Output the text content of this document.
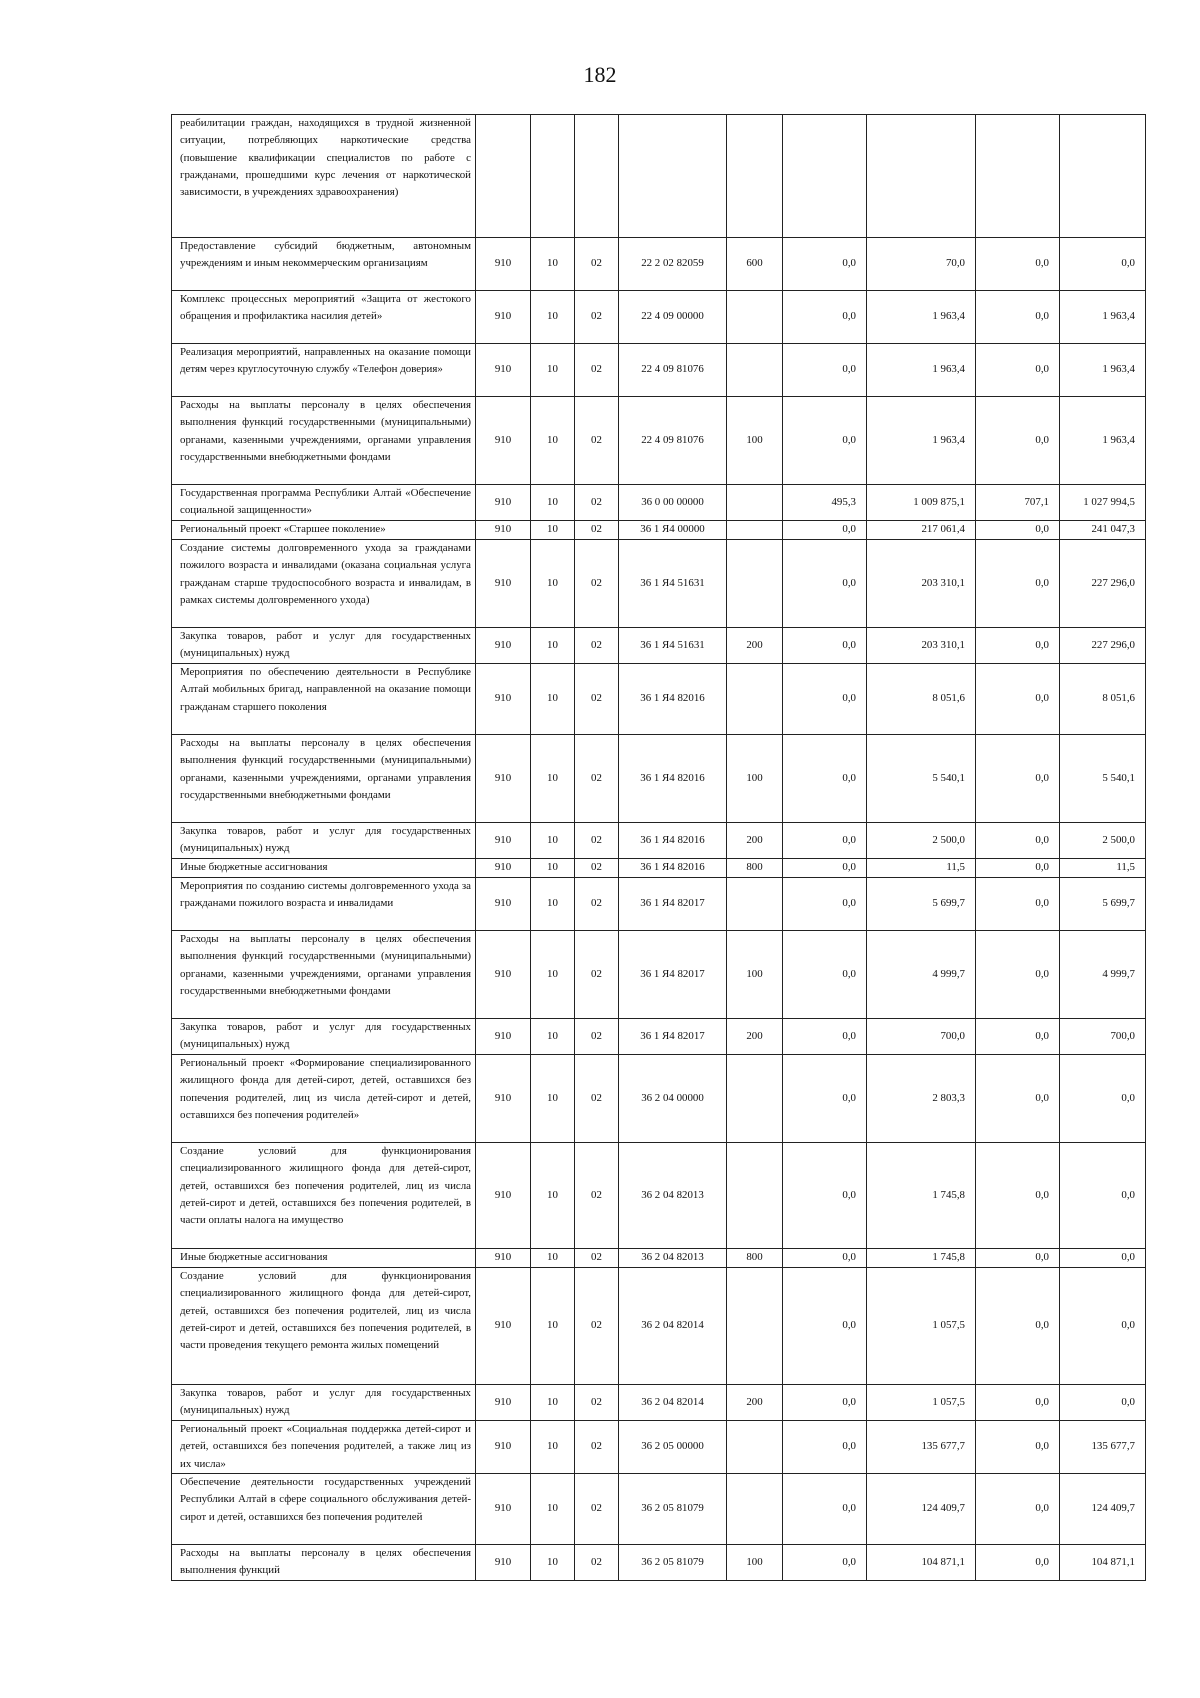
182
реабилитации граждан, находящихся в трудной жизненной ситуации, потребляющих наркотические средства (повышение квалификации специалистов по работе с гражданами, прошедшими курс лечения от наркотической зависимости, в учреждениях здравоохранения)									
Предоставление субсидий бюджетным, автономным учреждениям и иным некоммерческим организациям	910	10	02	22 2 02 82059	600	0,0	70,0	0,0	0,0
Комплекс процессных мероприятий «Защита от жестокого обращения и профилактика насилия детей»	910	10	02	22 4 09 00000		0,0	1 963,4	0,0	1 963,4
Реализация мероприятий, направленных на оказание помощи детям через круглосуточную службу «Телефон доверия»	910	10	02	22 4 09 81076		0,0	1 963,4	0,0	1 963,4
Расходы на выплаты персоналу в целях обеспечения выполнения функций государственными (муниципальными) органами, казенными учреждениями, органами управления государственными внебюджетными фондами	910	10	02	22 4 09 81076	100	0,0	1 963,4	0,0	1 963,4
Государственная программа Республики Алтай «Обеспечение социальной защищенности»	910	10	02	36 0 00 00000		495,3	1 009 875,1	707,1	1 027 994,5
Региональный проект «Старшее поколение»	910	10	02	36 1 Я4 00000		0,0	217 061,4	0,0	241 047,3
Создание системы долговременного ухода за гражданами пожилого возраста и инвалидами (оказана социальная услуга гражданам старше трудоспособного возраста и инвалидам, в рамках системы долговременного ухода)	910	10	02	36 1 Я4 51631		0,0	203 310,1	0,0	227 296,0
Закупка товаров, работ и услуг для государственных (муниципальных) нужд	910	10	02	36 1 Я4 51631	200	0,0	203 310,1	0,0	227 296,0
Мероприятия по обеспечению деятельности в Республике Алтай мобильных бригад, направленной на оказание помощи гражданам старшего поколения	910	10	02	36 1 Я4 82016		0,0	8 051,6	0,0	8 051,6
Расходы на выплаты персоналу в целях обеспечения выполнения функций государственными (муниципальными) органами, казенными учреждениями, органами управления государственными внебюджетными фондами	910	10	02	36 1 Я4 82016	100	0,0	5 540,1	0,0	5 540,1
Закупка товаров, работ и услуг для государственных (муниципальных) нужд	910	10	02	36 1 Я4 82016	200	0,0	2 500,0	0,0	2 500,0
Иные бюджетные ассигнования	910	10	02	36 1 Я4 82016	800	0,0	11,5	0,0	11,5
Мероприятия по созданию системы долговременного ухода за гражданами пожилого возраста и инвалидами	910	10	02	36 1 Я4 82017		0,0	5 699,7	0,0	5 699,7
Расходы на выплаты персоналу в целях обеспечения выполнения функций государственными (муниципальными) органами, казенными учреждениями, органами управления государственными внебюджетными фондами	910	10	02	36 1 Я4 82017	100	0,0	4 999,7	0,0	4 999,7
Закупка товаров, работ и услуг для государственных (муниципальных) нужд	910	10	02	36 1 Я4 82017	200	0,0	700,0	0,0	700,0
Региональный проект «Формирование специализированного жилищного фонда для детей-сирот, детей, оставшихся без попечения родителей, лиц из числа детей-сирот и детей, оставшихся без попечения родителей»	910	10	02	36 2 04 00000		0,0	2 803,3	0,0	0,0
Создание условий для функционирования специализированного жилищного фонда для детей-сирот, детей, оставшихся без попечения родителей, лиц из числа детей-сирот и детей, оставшихся без попечения родителей, в части оплаты налога на имущество	910	10	02	36 2 04 82013		0,0	1 745,8	0,0	0,0
Иные бюджетные ассигнования	910	10	02	36 2 04 82013	800	0,0	1 745,8	0,0	0,0
Создание условий для функционирования специализированного жилищного фонда для детей-сирот, детей, оставшихся без попечения родителей, лиц из числа детей-сирот и детей, оставшихся без попечения родителей, в части проведения текущего ремонта жилых помещений	910	10	02	36 2 04 82014		0,0	1 057,5	0,0	0,0
Закупка товаров, работ и услуг для государственных (муниципальных) нужд	910	10	02	36 2 04 82014	200	0,0	1 057,5	0,0	0,0
Региональный проект «Социальная поддержка детей-сирот и детей, оставшихся без попечения родителей, а также лиц из их числа»	910	10	02	36 2 05 00000		0,0	135 677,7	0,0	135 677,7
Обеспечение деятельности государственных учреждений Республики Алтай в сфере социального обслуживания детей-сирот и детей, оставшихся без попечения родителей	910	10	02	36 2 05 81079		0,0	124 409,7	0,0	124 409,7
Расходы на выплаты персоналу в целях обеспечения выполнения функций	910	10	02	36 2 05 81079	100	0,0	104 871,1	0,0	104 871,1
